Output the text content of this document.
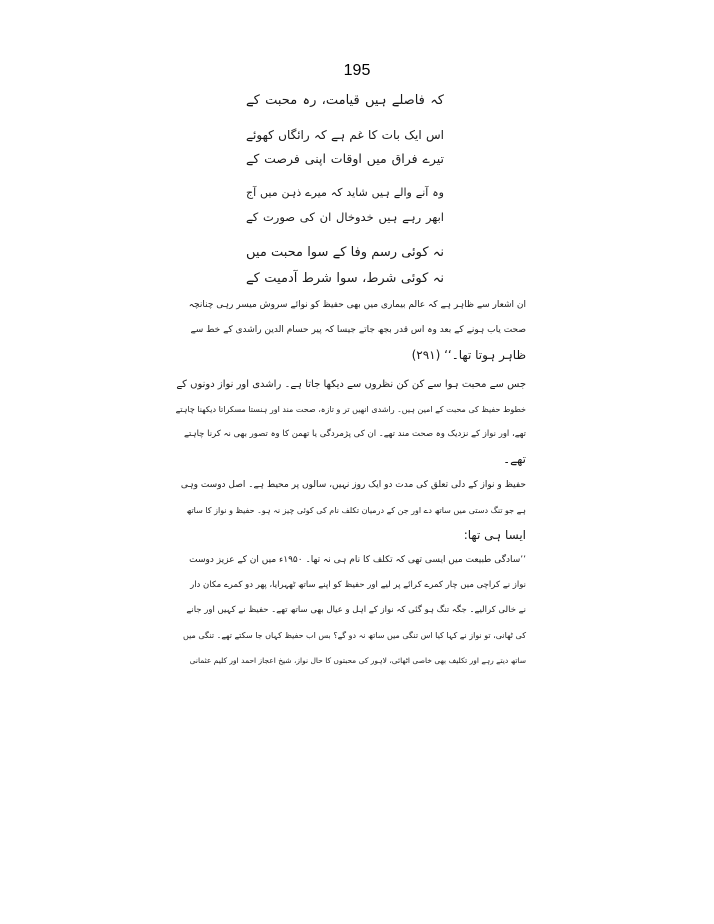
195
کہ فاصلے ہیں قیامت، رہ محبت کے
اس ایک بات کا غم ہے کہ رائگاں کھوئے
تیرے فراق میں اوقات اپنی فرصت کے
وہ آنے والے ہیں شاید کہ میرے ذہن میں آج
ابھر رہے ہیں خدوخال ان کی صورت کے
نہ کوئی رسم وفا کے سوا محبت میں
نہ کوئی شرط، سوا شرط آدمیت کے
ان اشعار سے ظاہر ہے کہ عالم بیماری میں بھی حفیظ کو نوائے سروش میسر رہی چنانچہ
صحت یاب ہونے کے بعد وہ اس قدر بجھ جاتے جیسا کہ پیر حسام الدین راشدی کے خط سے
ظاہر ہوتا تھا۔‘‘ (۲۹۱)
جس سے محبت ہوا سے کن کن نظروں سے دیکھا جاتا ہے۔ راشدی اور نواز دونوں کے
خطوط حفیظ کی محبت کے امین ہیں۔ راشدی انھیں تر و تازہ، صحت مند اور ہنستا مسکراتا دیکھنا چاہتے
تھے، اور نواز کے نزدیک وہ صحت مند تھے۔ ان کی پژمردگی یا تھمن کا وہ تصور بھی نہ کرنا چاہتے
تھے۔
حفیظ و نواز کے دلی تعلق کی مدت دو ایک روز نہیں، سالوں پر محیط ہے۔ اصل دوست وہی
ہے جو تنگ دستی میں ساتھ دے اور جن کے درمیان تکلف نام کی کوئی چیز نہ ہو۔ حفیظ و نواز کا ساتھ
ایسا ہی تھا:
’’سادگی طبیعت میں ایسی تھی کہ تکلف کا نام ہی نہ تھا۔ ۱۹۵۰ء میں ان کے عزیز دوست
نواز نے کراچی میں چار کمرے کرائے پر لیے اور حفیظ کو اپنے ساتھ ٹھہرایا، پھر دو کمرے مکان دار
نے خالی کرالیے۔ جگہ تنگ ہو گئی کہ نواز کے اہل و عیال بھی ساتھ تھے۔ حفیظ نے کہیں اور جانے
کی ٹھانی، تو نواز نے کہا کیا اس تنگی میں ساتھ نہ دو گے؟ بس اب حفیظ کہاں جا سکتے تھے۔ تنگی میں
ساتھ دیتے رہے اور تکلیف بھی خاصی اٹھائی، لاہور کی محبتوں کا حال نواز، شیخ اعجاز احمد اور کلیم عثمانی
